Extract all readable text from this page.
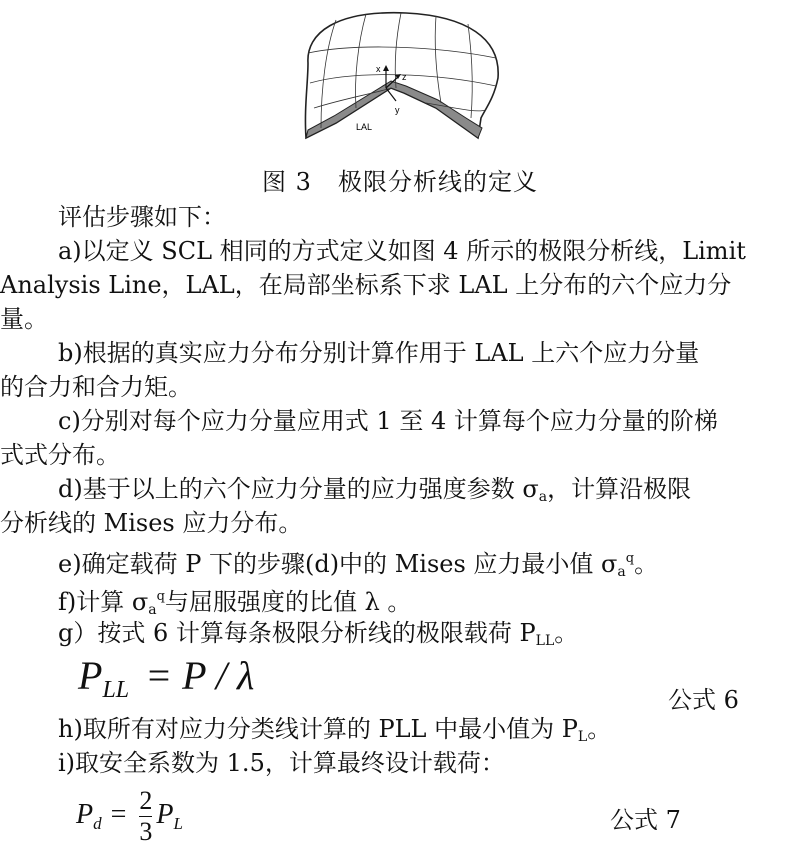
x
z
y
LAL
图 3 极限分析线的定义
评估步骤如下：
a)以定义 SCL 相同的方式定义如图 4 所示的极限分析线，Limit
Analysis Line，LAL，在局部坐标系下求 LAL 上分布的六个应力分
量。
b)根据的真实应力分布分别计算作用于 LAL 上六个应力分量
的合力和合力矩。
c)分别对每个应力分量应用式 1 至 4 计算每个应力分量的阶梯
式式分布。
d)基于以上的六个应力分量的应力强度参数 $\sigma_a$，计算沿极限
分析线的 Mises 应力分布。
e)确定载荷 P 下的步骤(d)中的 Mises 应力最小值 $\sigma_a^q$。
f)计算 $\sigma_a^q$与屈服强度的比值 λ 。
g）按式 6 计算每条极限分析线的极限载荷 $P_{LL}$。
$P_{LL} = P / \lambda$
公式 6
h)取所有对应力分类线计算的 PLL 中最小值为 $P_L$。
i)取安全系数为 1.5，计算最终设计载荷：
$P_d = \frac{2}{3} P_L$	公式 7
